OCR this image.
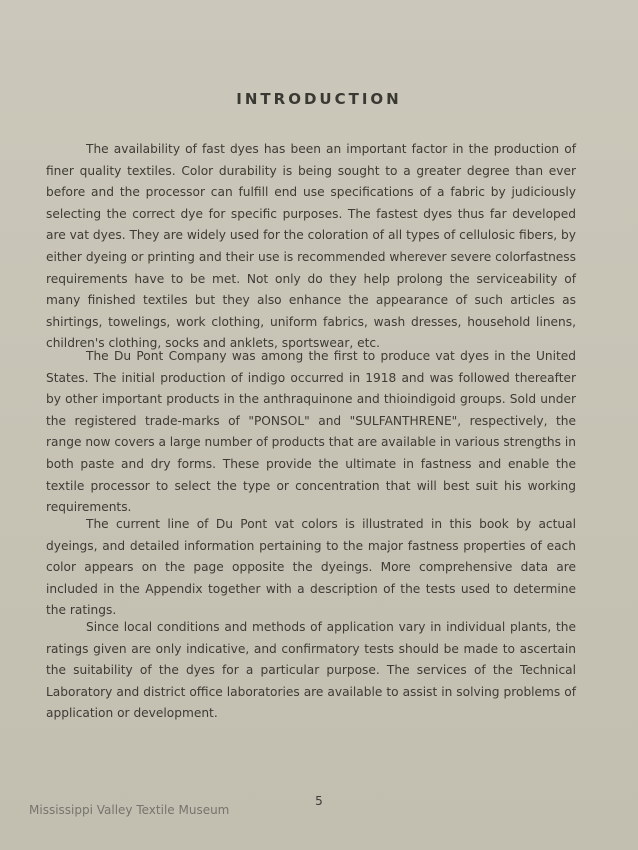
INTRODUCTION

The availability of fast dyes has been an important factor in the production of finer quality textiles. Color durability is being sought to a greater degree than ever before and the processor can fulfill end use specifications of a fabric by judiciously selecting the correct dye for specific purposes. The fastest dyes thus far developed are vat dyes. They are widely used for the coloration of all types of cellulosic fibers, by either dyeing or printing and their use is recommended wherever severe colorfastness requirements have to be met. Not only do they help prolong the serviceability of many finished textiles but they also enhance the appearance of such articles as shirtings, towelings, work clothing, uniform fabrics, wash dresses, household linens, children's clothing, socks and anklets, sportswear, etc.

The Du Pont Company was among the first to produce vat dyes in the United States. The initial production of indigo occurred in 1918 and was followed thereafter by other important products in the anthraquinone and thioindigoid groups. Sold under the registered trade-marks of "PONSOL" and "SULFANTHRENE", respectively, the range now covers a large number of products that are available in various strengths in both paste and dry forms. These provide the ultimate in fastness and enable the textile processor to select the type or concentration that will best suit his working requirements.

The current line of Du Pont vat colors is illustrated in this book by actual dyeings, and detailed information pertaining to the major fastness properties of each color appears on the page opposite the dyeings. More comprehensive data are included in the Appendix together with a description of the tests used to determine the ratings.

Since local conditions and methods of application vary in individual plants, the ratings given are only indicative, and confirmatory tests should be made to ascertain the suitability of the dyes for a particular purpose. The services of the Technical Laboratory and district office laboratories are available to assist in solving problems of application or development.

5
Mississippi Valley Textile Museum
